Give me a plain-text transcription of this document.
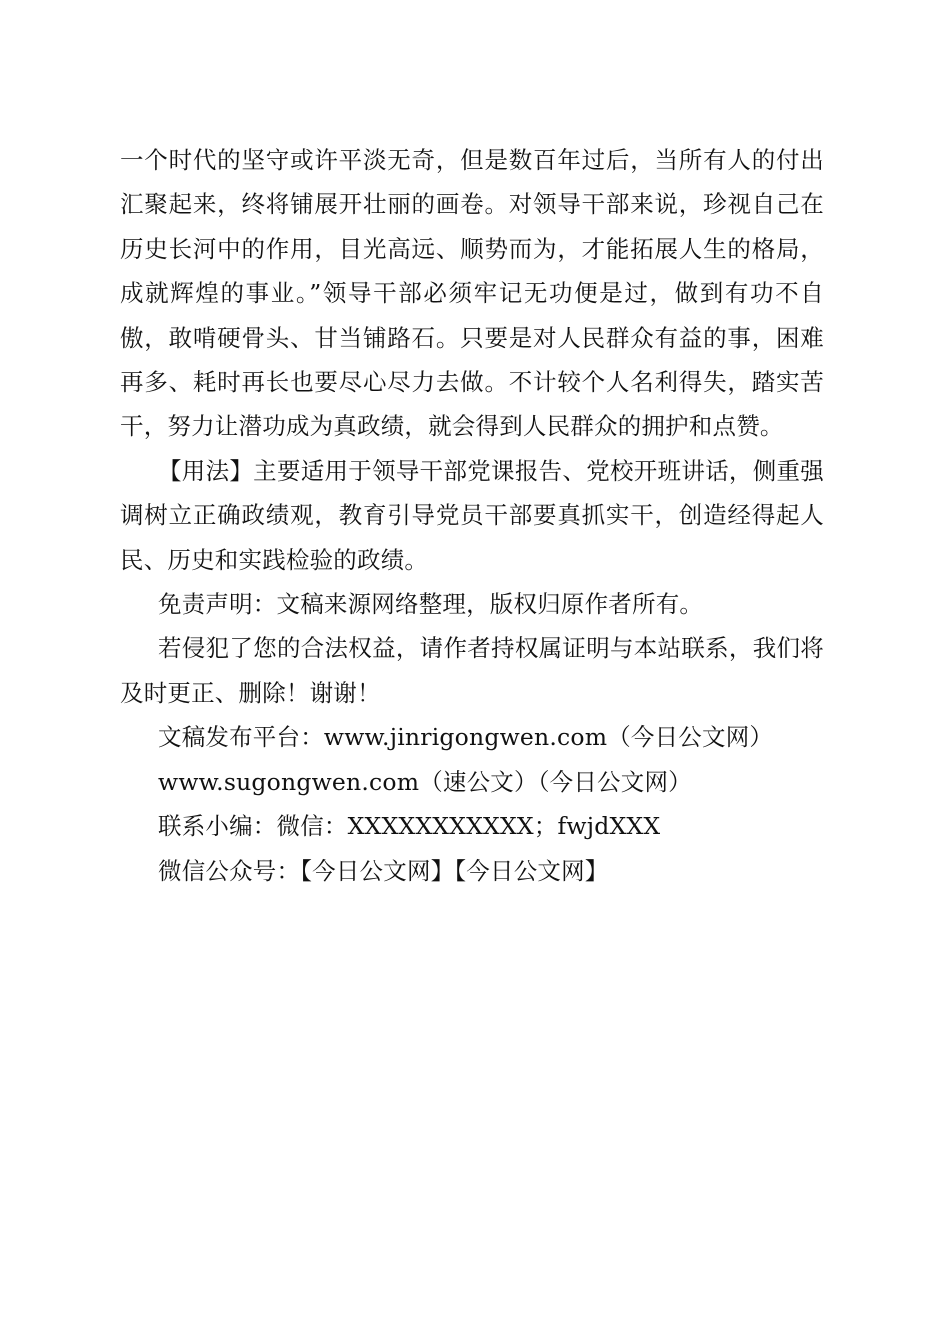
一个时代的坚守或许平淡无奇，但是数百年过后，当所有人的付出汇聚起来，终将铺展开壮丽的画卷。对领导干部来说，珍视自己在历史长河中的作用，目光高远、顺势而为，才能拓展人生的格局，成就辉煌的事业。”领导干部必须牢记无功便是过，做到有功不自傲，敢啃硬骨头、甘当铺路石。只要是对人民群众有益的事，困难再多、耗时再长也要尽心尽力去做。不计较个人名利得失，踏实苦干，努力让潜功成为真政绩，就会得到人民群众的拥护和点赞。

【用法】主要适用于领导干部党课报告、党校开班讲话，侧重强调树立正确政绩观，教育引导党员干部要真抓实干，创造经得起人民、历史和实践检验的政绩。

免责声明：文稿来源网络整理，版权归原作者所有。

若侵犯了您的合法权益，请作者持权属证明与本站联系，我们将及时更正、删除！谢谢！

文稿发布平台：www.jinrigongwen.com（今日公文网）

www.sugongwen.com（速公文）（今日公文网）

联系小编：微信：XXXXXXXXXXX；fwjdXXX

微信公众号：【今日公文网】【今日公文网】
